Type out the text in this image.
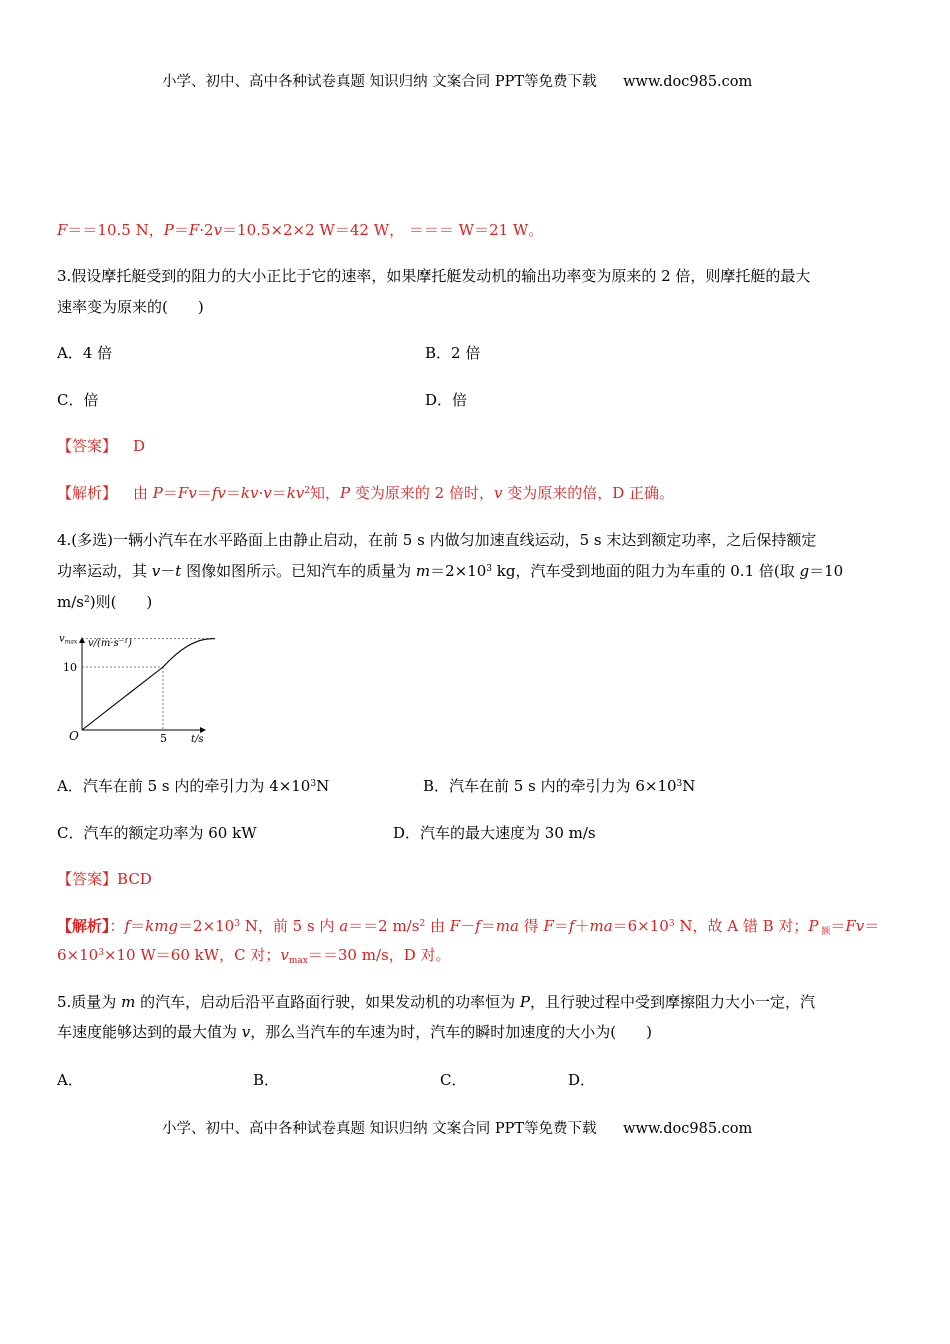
小学、初中、高中各种试卷真题 知识归纳 文案合同 PPT等免费下载 www.doc985.com
F＝＝10.5 N，P＝F·2v＝10.5×2×2 W＝42 W， ＝＝＝ W＝21 W。
3.假设摩托艇受到的阻力的大小正比于它的速率，如果摩托艇发动机的输出功率变为原来的 2 倍，则摩托艇的最大
速率变为原来的(　　)
A．4 倍	B．2 倍
C．倍	D．倍
【答案】 D
【解析】 由 $P=Fv=fv=kv\cdot v=kv^2$知，P 变为原来的 2 倍时，v 变为原来的倍，D 正确。
4.(多选)一辆小汽车在水平路面上由静止启动，在前 5 s 内做匀加速直线运动，5 s 末达到额定功率，之后保持额定
功率运动，其 v－t 图像如图所示。已知汽车的质量为 $m=2\times 10^3$ kg，汽车受到地面的阻力为车重的 0.1 倍(取 g＝10
$m/s^2$)则(　　)
v/(m·s⁻¹)
$v_{max}$
10
O	5 t/s
A．汽车在前 5 s 内的牵引力为 $4\times 10^3N$	B．汽车在前 5 s 内的牵引力为 $6\times 10^3N$
C．汽车的额定功率为 60 kW	D．汽车的最大速度为 30 m/s
【答案】BCD
【解析】：$f=kmg=2\times 10^3$ N，前 5 s 内 a＝＝2 $m/s^2$ 由 F－f＝ma 得 $F=f+ma=6\times 10^3$ N，故 A 错 B 对；P $_额$＝Fv＝
$6\times 10^3\times 10$ W＝60 kW，C 对；$v_{max}==30$ m/s，D 对。
5.质量为 m 的汽车，启动后沿平直路面行驶，如果发动机的功率恒为 P，且行驶过程中受到摩擦阻力大小一定，汽
车速度能够达到的最大值为 v，那么当汽车的车速为时，汽车的瞬时加速度的大小为(　　)
A．	B．	C．	D．
小学、初中、高中各种试卷真题 知识归纳 文案合同 PPT等免费下载 www.doc985.com
